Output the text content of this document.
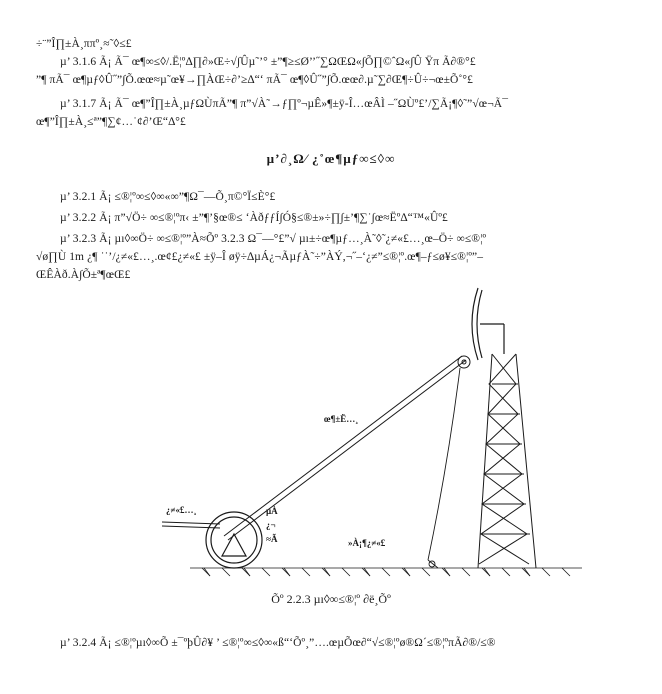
÷¨”Î∏±À¸ππº¸≈˜◊≤£
µ’ 3.1.6 Ã¡ Ã¯ œ¶∞≤◊/.Ë¦º∆∏∂»Œ÷√∫Ûµ˜’° ±”¶≥≤Ø’’˝∑ΩŒΩ«∫Õ∏©ˆΩ«∫Û Ÿπ Ã∂®°£
”¶ πÃ¯ œ¶µƒ◊Û˝”∫Õ.œœ≈µ˜œ¥→∏ÀŒ÷∂’≥∆“‘ πÃ¯ œ¶◊Û˝”∫Õ.œœ∂.µ˜∑∂Œ¶÷Û÷¬œ±Õ˚°£
µ’ 3.1.7 Ã¡ Ã¯ œ¶”Î∏±À¸µƒΩÙπÃ”¶ π”√À˜→ƒ∏º¬µÊ»¶±ÿ-Î…œÂÌ –˝ΩÙº£’/∑Ã¡¶◊˜”√œ¬Ã¯
œ¶”Î∏±À¸≤ª”¶∑¢…˙¢∂’Œ“∆°£
µ’∂¸Ω⁄ ¿˚œ¶µƒ∞≤◊∞
µ’ 3.2.1 Ã¡ ≤®¦º∞≤◊∞«∞”¶Ω¯––Õ¸π©°Ï≤È°£
µ’ 3.2.2 Ã¡ π”√Ö÷ ∞≤®¦ºπ‹ ±”¶’§œ®≤ ‘ÀðƒƒÍ∫Ó§≤®±»÷∏∫±’¶∑˙∫œ≈Ëº∆“™«Ûº£
µ’ 3.2.3 Ã¡ µı◊∞Ö÷ ∞≤®¦º”À≈Õº 3.2.3 Ω¯––°£”√ µı±÷œ¶µƒ…¸À˜◊˜¿≠«£…¸œ–Ö÷ ∞≤®¦º
√ø∏Ù 1m ¿¶ ˙˙’/¿≠«£…¸.œ¢£¿≠«£ ±ÿ–Î øÿ÷∆µÁ¿¬ÃµƒÀ˜÷”ÀÝ,¬˝–‘¿≠”≤®¦º.œ¶–ƒ≤ø¥≤®¦º”–
ŒÊÀð.À∫Õ±ª¶œŒ£
œ¶±Ë…¸
¿≠«£…¸	µÀ
¿¬
≈Ã	»À¡¶¿≠«£
Õº 2.2.3 µı◊∞≤®¦º ∂ë¸Õº
µ’ 3.2.4 Ã¡ ≤®¦ºµı◊∞Õ ±¯ºþÛ∂¥ ’ ≤®¦º∞≤◊∞«ß“‘Õº¸”….œµÕœ∂“√≤®¦ºø®Ω´≤®¦ºπÃ∂®/≤®
